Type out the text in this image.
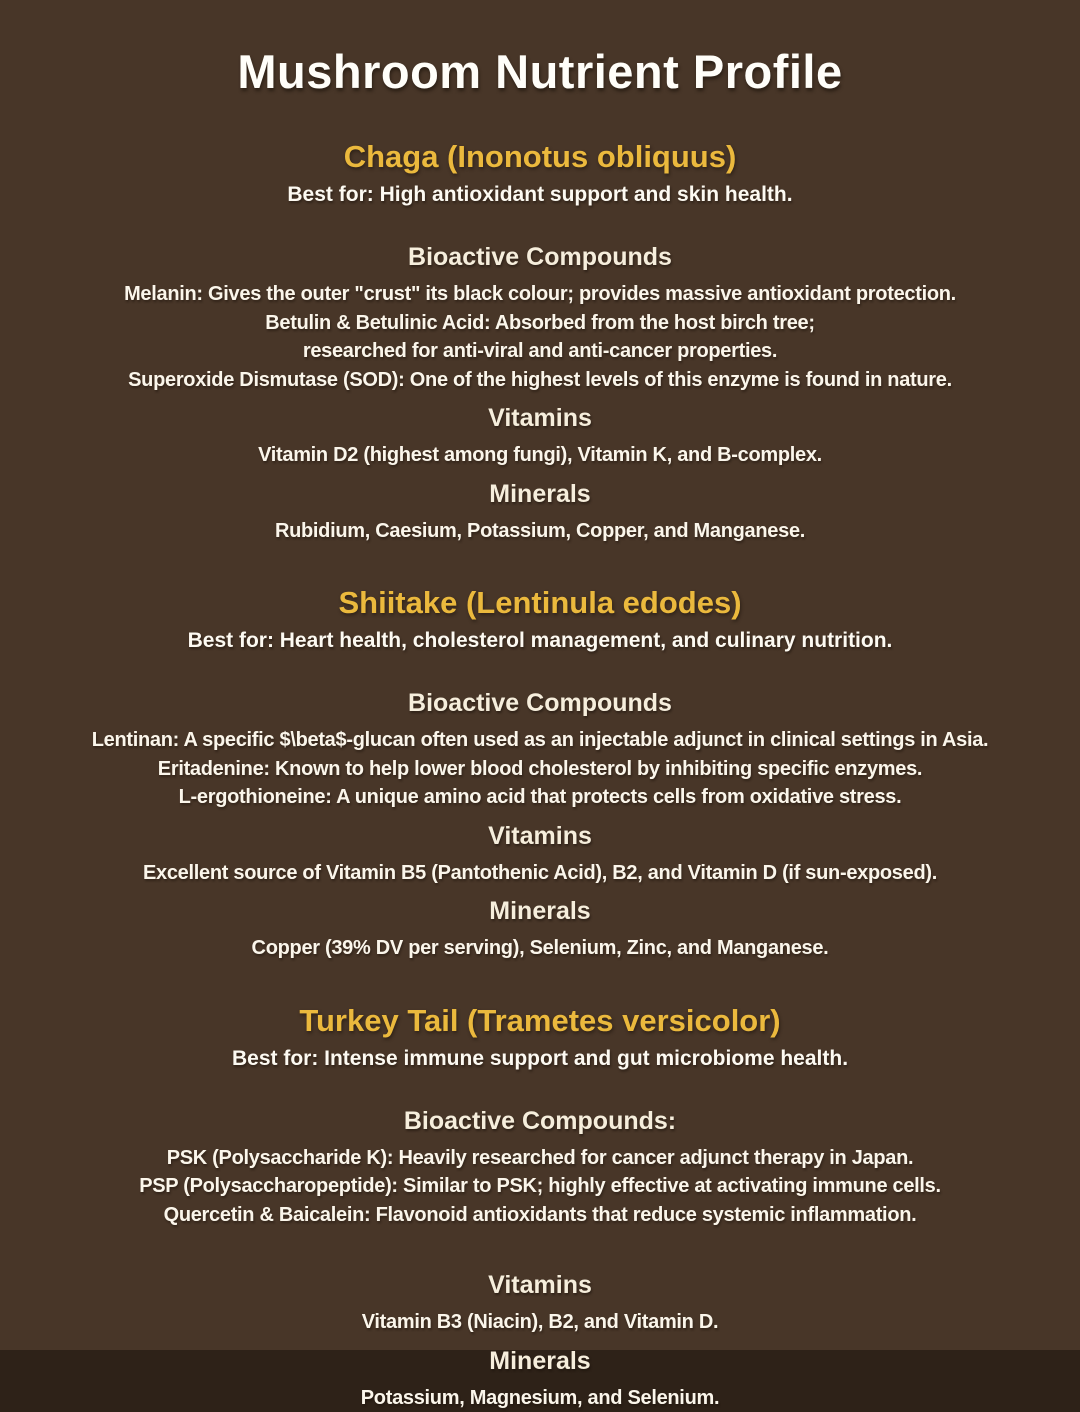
Mushroom Nutrient Profile
Chaga (Inonotus obliquus)

Best for: High antioxidant support and skin health.

Bioactive Compounds

Melanin: Gives the outer "crust" its black colour; provides massive antioxidant protection.

Betulin & Betulinic Acid: Absorbed from the host birch tree;

researched for anti-viral and anti-cancer properties.

Superoxide Dismutase (SOD): One of the highest levels of this enzyme is found in nature.

Vitamins

Vitamin D2 (highest among fungi), Vitamin K, and B-complex.

Minerals

Rubidium, Caesium, Potassium, Copper, and Manganese.

Shiitake (Lentinula edodes)

Best for: Heart health, cholesterol management, and culinary nutrition.

Bioactive Compounds

Lentinan: A specific $\beta$-glucan often used as an injectable adjunct in clinical settings in Asia.

Eritadenine: Known to help lower blood cholesterol by inhibiting specific enzymes.

L-ergothioneine: A unique amino acid that protects cells from oxidative stress.

Vitamins

Excellent source of Vitamin B5 (Pantothenic Acid), B2, and Vitamin D (if sun-exposed).

Minerals

Copper (39% DV per serving), Selenium, Zinc, and Manganese.

Turkey Tail (Trametes versicolor)

Best for: Intense immune support and gut microbiome health.

Bioactive Compounds:

PSK (Polysaccharide K): Heavily researched for cancer adjunct therapy in Japan.

PSP (Polysaccharopeptide): Similar to PSK; highly effective at activating immune cells.

Quercetin & Baicalein: Flavonoid antioxidants that reduce systemic inflammation.

Vitamins

Vitamin B3 (Niacin), B2, and Vitamin D.

Minerals

Potassium, Magnesium, and Selenium.
